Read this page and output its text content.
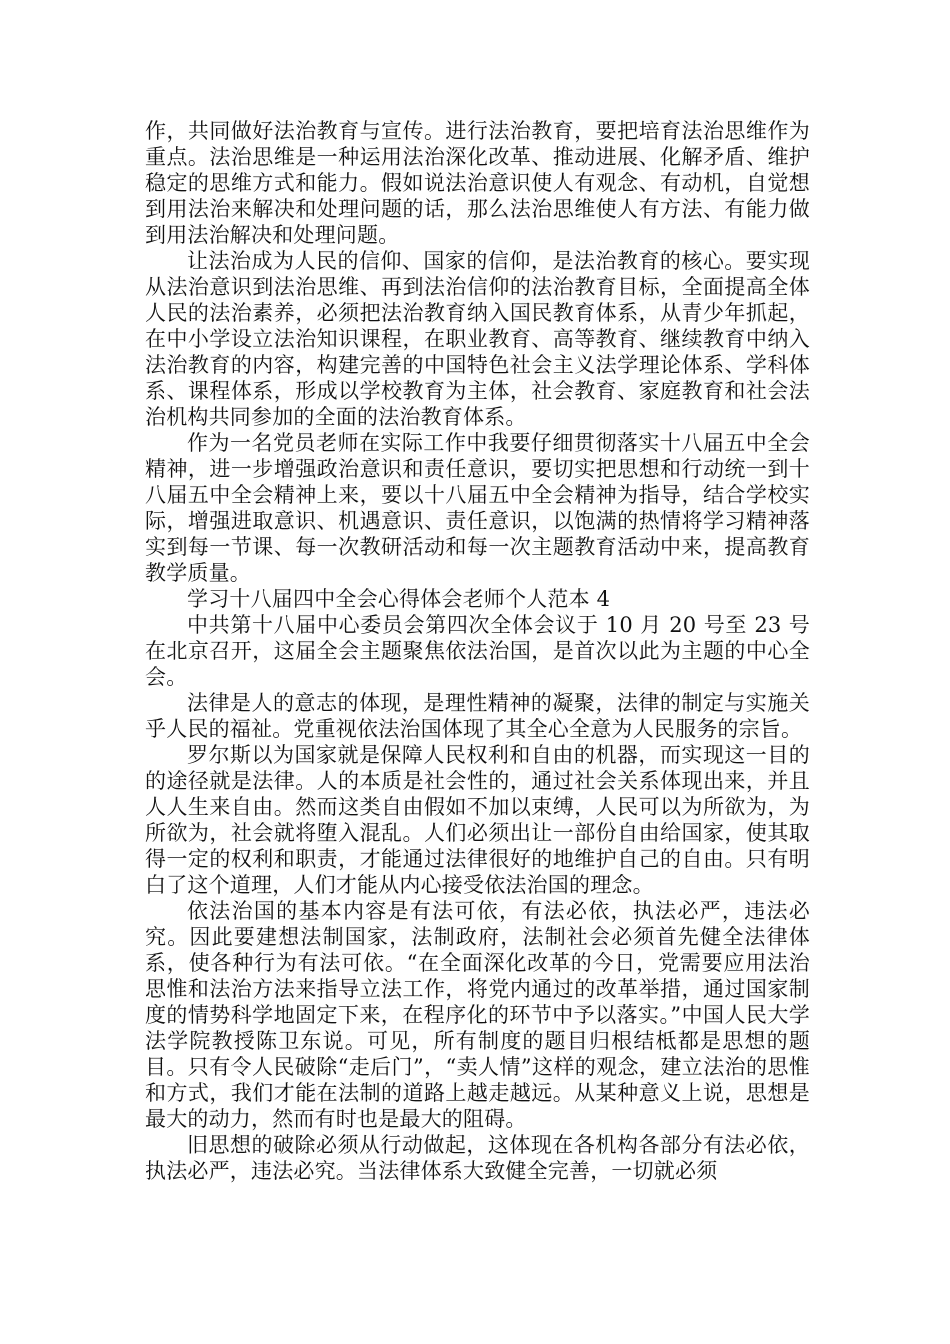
作，共同做好法治教育与宣传。进行法治教育，要把培育法治思维作为重点。法治思维是一种运用法治深化改革、推动进展、化解矛盾、维护稳定的思维方式和能力。假如说法治意识使人有观念、有动机，自觉想到用法治来解决和处理问题的话，那么法治思维使人有方法、有能力做到用法治解决和处理问题。

让法治成为人民的信仰、国家的信仰，是法治教育的核心。要实现从法治意识到法治思维、再到法治信仰的法治教育目标，全面提高全体人民的法治素养，必须把法治教育纳入国民教育体系，从青少年抓起，在中小学设立法治知识课程，在职业教育、高等教育、继续教育中纳入法治教育的内容，构建完善的中国特色社会主义法学理论体系、学科体系、课程体系，形成以学校教育为主体，社会教育、家庭教育和社会法治机构共同参加的全面的法治教育体系。

作为一名党员老师在实际工作中我要仔细贯彻落实十八届五中全会精神，进一步增强政治意识和责任意识，要切实把思想和行动统一到十八届五中全会精神上来，要以十八届五中全会精神为指导，结合学校实际，增强进取意识、机遇意识、责任意识，以饱满的热情将学习精神落实到每一节课、每一次教研活动和每一次主题教育活动中来，提高教育教学质量。

学习十八届四中全会心得体会老师个人范本 4

中共第十八届中心委员会第四次全体会议于 10 月 20 号至 23 号在北京召开，这届全会主题聚焦依法治国，是首次以此为主题的中心全会。

法律是人的意志的体现，是理性精神的凝聚，法律的制定与实施关乎人民的福祉。党重视依法治国体现了其全心全意为人民服务的宗旨。

罗尔斯以为国家就是保障人民权利和自由的机器，而实现这一目的的途径就是法律。人的本质是社会性的，通过社会关系体现出来，并且人人生来自由。然而这类自由假如不加以束缚，人民可以为所欲为，为所欲为，社会就将堕入混乱。人们必须出让一部份自由给国家，使其取得一定的权利和职责，才能通过法律很好的地维护自己的自由。只有明白了这个道理，人们才能从内心接受依法治国的理念。

依法治国的基本内容是有法可依，有法必依，执法必严，违法必究。因此要建想法制国家，法制政府，法制社会必须首先健全法律体系，使各种行为有法可依。“在全面深化改革的今日，党需要应用法治思惟和法治方法来指导立法工作，将党内通过的改革举措，通过国家制度的情势科学地固定下来，在程序化的环节中予以落实。”中国人民大学法学院教授陈卫东说。可见，所有制度的题目归根结柢都是思想的题目。只有令人民破除“走后门”，“卖人情”这样的观念，建立法治的思惟和方式，我们才能在法制的道路上越走越远。从某种意义上说，思想是最大的动力，然而有时也是最大的阻碍。

旧思想的破除必须从行动做起，这体现在各机构各部分有法必依，执法必严，违法必究。当法律体系大致健全完善，一切就必须
